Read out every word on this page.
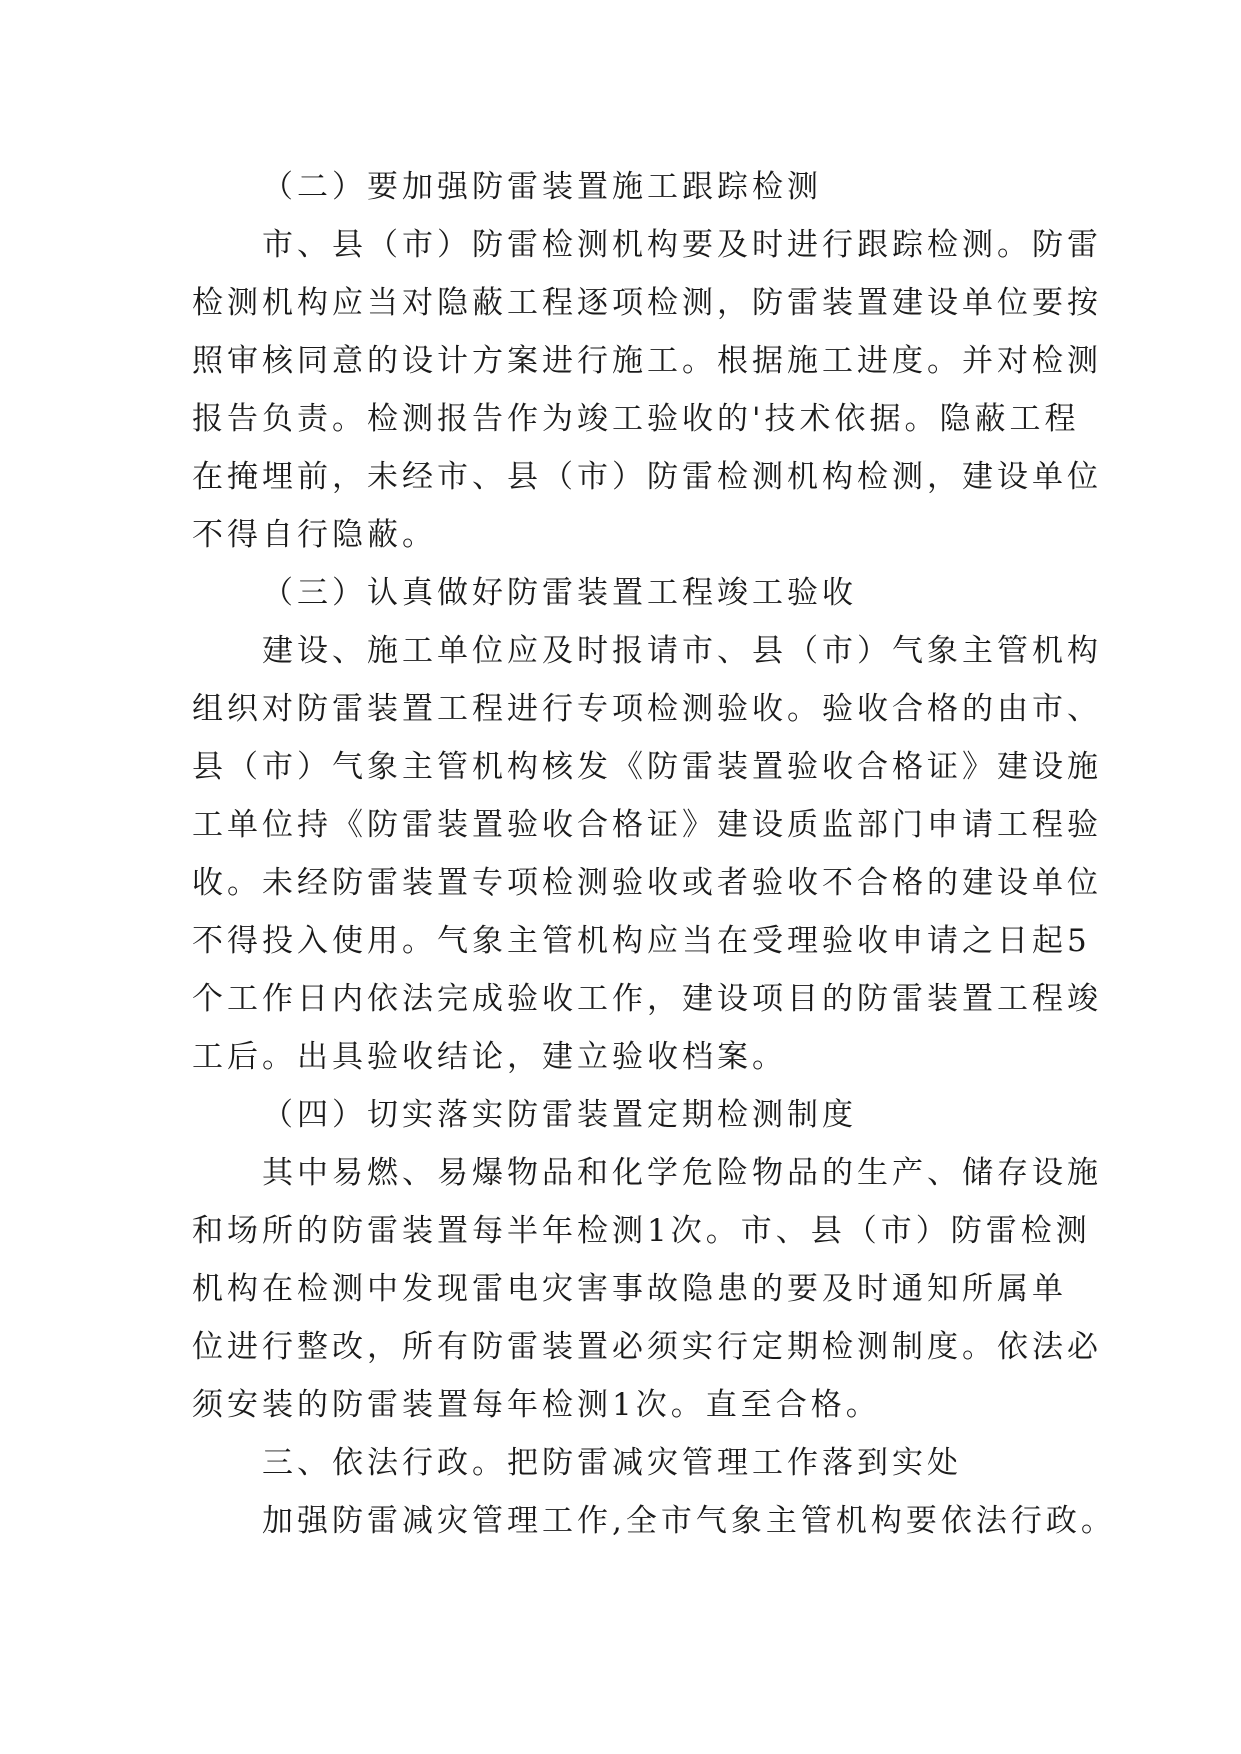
（二）要加强防雷装置施工跟踪检测
市、县（市）防雷检测机构要及时进行跟踪检测。防雷
检测机构应当对隐蔽工程逐项检测，防雷装置建设单位要按
照审核同意的设计方案进行施工。根据施工进度。并对检测
报告负责。检测报告作为竣工验收的'技术依据。隐蔽工程
在掩埋前，未经市、县（市）防雷检测机构检测，建设单位
不得自行隐蔽。
（三）认真做好防雷装置工程竣工验收
建设、施工单位应及时报请市、县（市）气象主管机构
组织对防雷装置工程进行专项检测验收。验收合格的由市、
县（市）气象主管机构核发《防雷装置验收合格证》建设施
工单位持《防雷装置验收合格证》建设质监部门申请工程验
收。未经防雷装置专项检测验收或者验收不合格的建设单位
不得投入使用。气象主管机构应当在受理验收申请之日起5
个工作日内依法完成验收工作，建设项目的防雷装置工程竣
工后。出具验收结论，建立验收档案。
（四）切实落实防雷装置定期检测制度
其中易燃、易爆物品和化学危险物品的生产、储存设施
和场所的防雷装置每半年检测1次。市、县（市）防雷检测
机构在检测中发现雷电灾害事故隐患的要及时通知所属单
位进行整改，所有防雷装置必须实行定期检测制度。依法必
须安装的防雷装置每年检测1次。直至合格。
三、依法行政。把防雷减灾管理工作落到实处
加强防雷减灾管理工作,全市气象主管机构要依法行政。
